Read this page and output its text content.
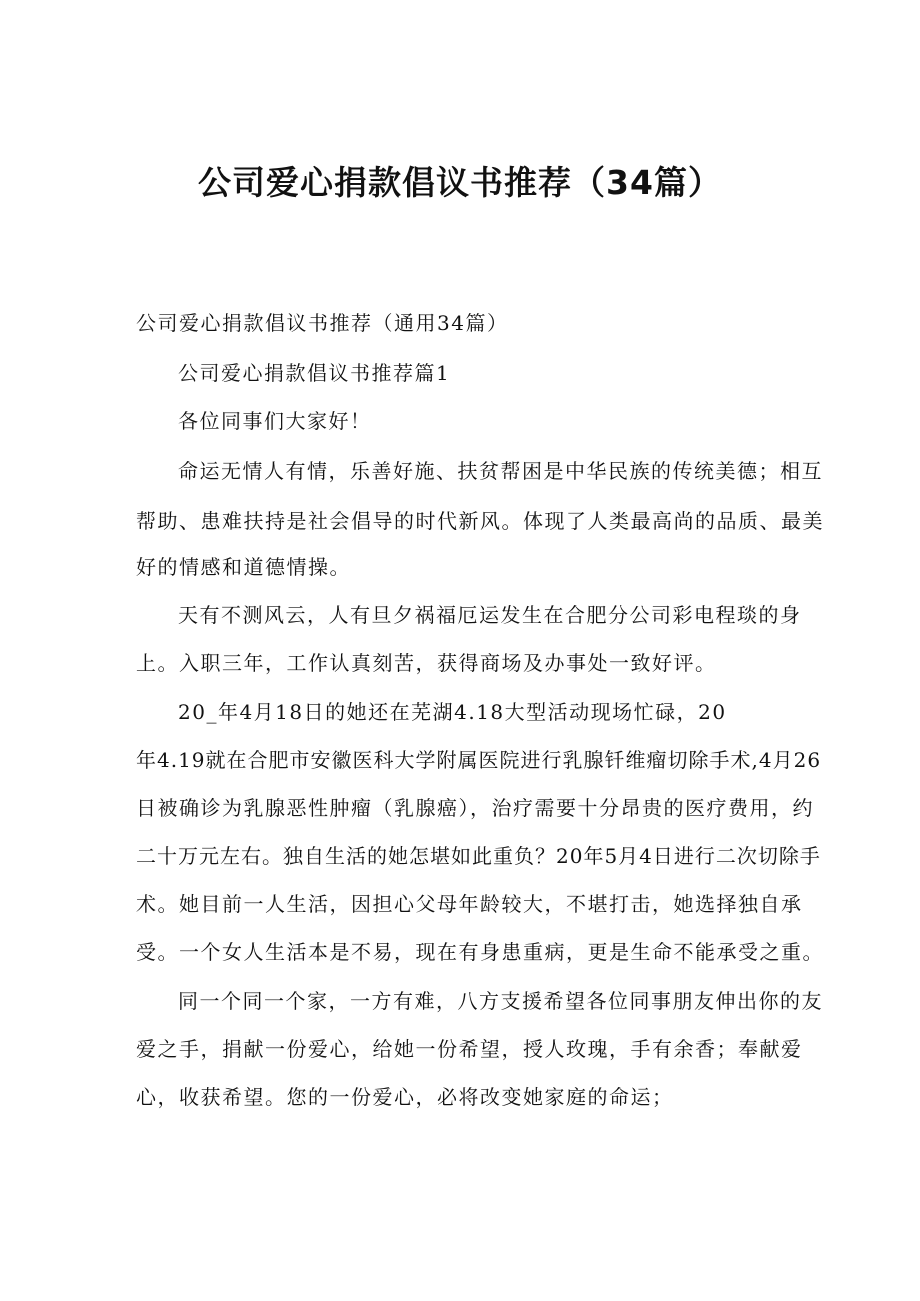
公司爱心捐款倡议书推荐（34篇）

公司爱心捐款倡议书推荐（通用34篇）

公司爱心捐款倡议书推荐篇1

各位同事们大家好！

命运无情人有情，乐善好施、扶贫帮困是中华民族的传统美德；相互

帮助、患难扶持是社会倡导的时代新风。体现了人类最高尚的品质、最美

好的情感和道德情操。

天有不测风云，人有旦夕祸福厄运发生在合肥分公司彩电程琰的身

上。入职三年，工作认真刻苦，获得商场及办事处一致好评。

20_年4月18日的她还在芜湖4.18大型活动现场忙碌，20

年4.19就在合肥市安徽医科大学附属医院进行乳腺钎维瘤切除手术,4月26

日被确诊为乳腺恶性肿瘤（乳腺癌），治疗需要十分昂贵的医疗费用，约

二十万元左右。独自生活的她怎堪如此重负？20年5月4日进行二次切除手

术。她目前一人生活，因担心父母年龄较大，不堪打击，她选择独自承

受。一个女人生活本是不易，现在有身患重病，更是生命不能承受之重。

同一个同一个家，一方有难，八方支援希望各位同事朋友伸出你的友

爱之手，捐献一份爱心，给她一份希望，授人玫瑰，手有余香；奉献爱

心，收获希望。您的一份爱心，必将改变她家庭的命运；
